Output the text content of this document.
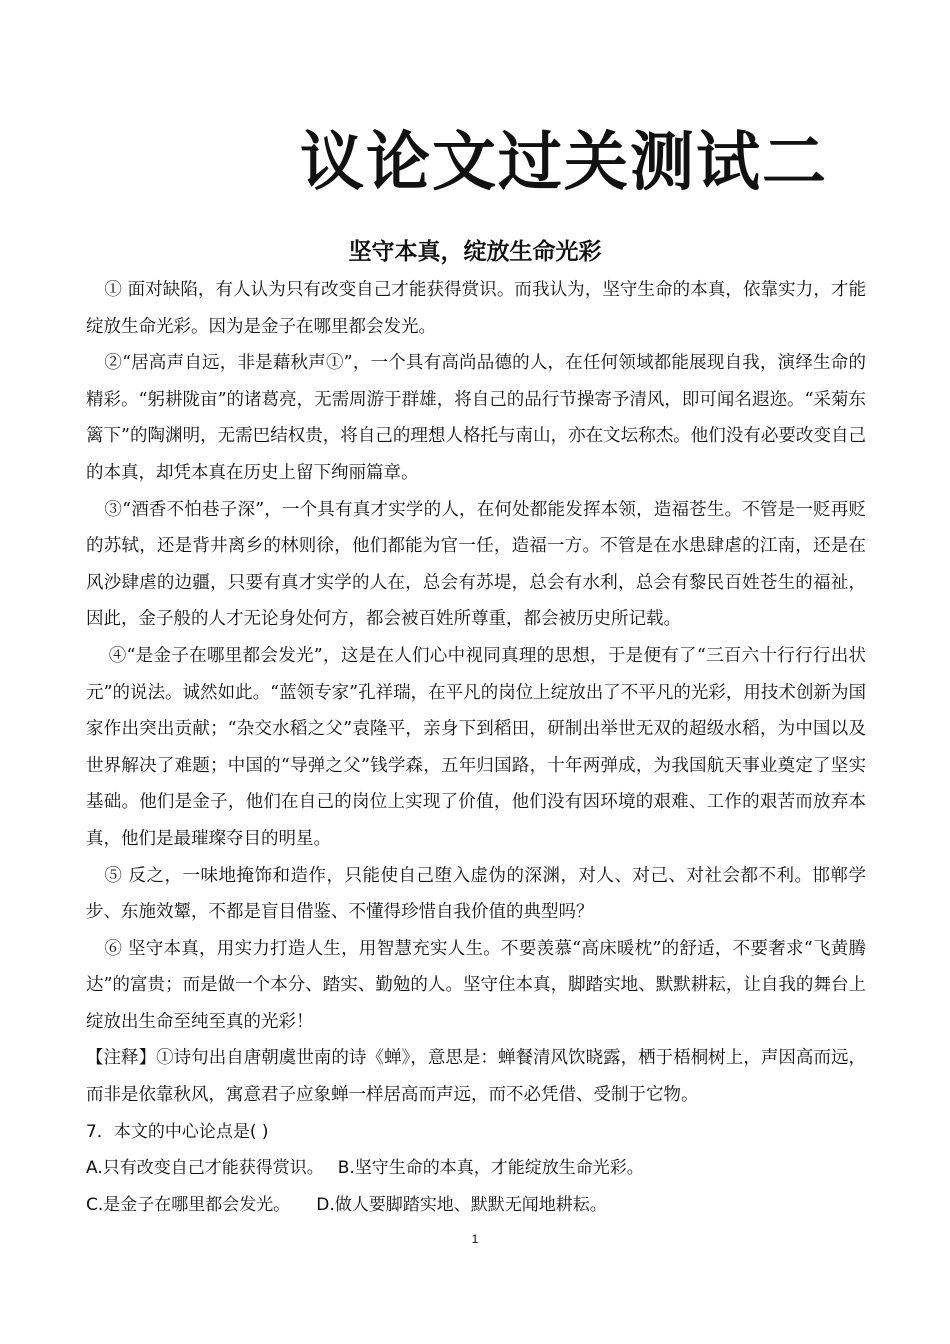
议论文过关测试二
坚守本真，绽放生命光彩

① 面对缺陷，有人认为只有改变自己才能获得赏识。而我认为，坚守生命的本真，依靠实力，才能绽放生命光彩。因为是金子在哪里都会发光。

②“居高声自远，非是藉秋声①”，一个具有高尚品德的人，在任何领域都能展现自我，演绎生命的精彩。“躬耕陇亩”的诸葛亮，无需周游于群雄，将自己的品行节操寄予清风，即可闻名遐迩。“采菊东篱下”的陶渊明，无需巴结权贵，将自己的理想人格托与南山，亦在文坛称杰。他们没有必要改变自己的本真，却凭本真在历史上留下绚丽篇章。

③“酒香不怕巷子深”，一个具有真才实学的人，在何处都能发挥本领，造福苍生。不管是一贬再贬的苏轼，还是背井离乡的林则徐，他们都能为官一任，造福一方。不管是在水患肆虐的江南，还是在风沙肆虐的边疆，只要有真才实学的人在，总会有苏堤，总会有水利，总会有黎民百姓苍生的福祉，因此，金子般的人才无论身处何方，都会被百姓所尊重，都会被历史所记载。

④“是金子在哪里都会发光”，这是在人们心中视同真理的思想，于是便有了“三百六十行行行出状元”的说法。诚然如此。“蓝领专家”孔祥瑞，在平凡的岗位上绽放出了不平凡的光彩，用技术创新为国家作出突出贡献；“杂交水稻之父”袁隆平，亲身下到稻田，研制出举世无双的超级水稻，为中国以及世界解决了难题；中国的“导弹之父”钱学森，五年归国路，十年两弹成，为我国航天事业奠定了坚实基础。他们是金子，他们在自己的岗位上实现了价值，他们没有因环境的艰难、工作的艰苦而放弃本真，他们是最璀璨夺目的明星。

⑤ 反之，一味地掩饰和造作，只能使自己堕入虚伪的深渊，对人、对己、对社会都不利。邯郸学步、东施效颦，不都是盲目借鉴、不懂得珍惜自我价值的典型吗？

⑥ 坚守本真，用实力打造人生，用智慧充实人生。不要羡慕“高床暖枕”的舒适，不要奢求“飞黄腾达”的富贵；而是做一个本分、踏实、勤勉的人。坚守住本真，脚踏实地、默默耕耘，让自我的舞台上绽放出生命至纯至真的光彩！

【注释】①诗句出自唐朝虞世南的诗《蝉》，意思是：蝉餐清风饮晓露，栖于梧桐树上，声因高而远，而非是依靠秋风，寓意君子应象蝉一样居高而声远，而不必凭借、受制于它物。

7．本文的中心论点是( )

A.只有改变自己才能获得赏识。 B.坚守生命的本真，才能绽放生命光彩。

C.是金子在哪里都会发光。 D.做人要脚踏实地、默默无闻地耕耘。

1
